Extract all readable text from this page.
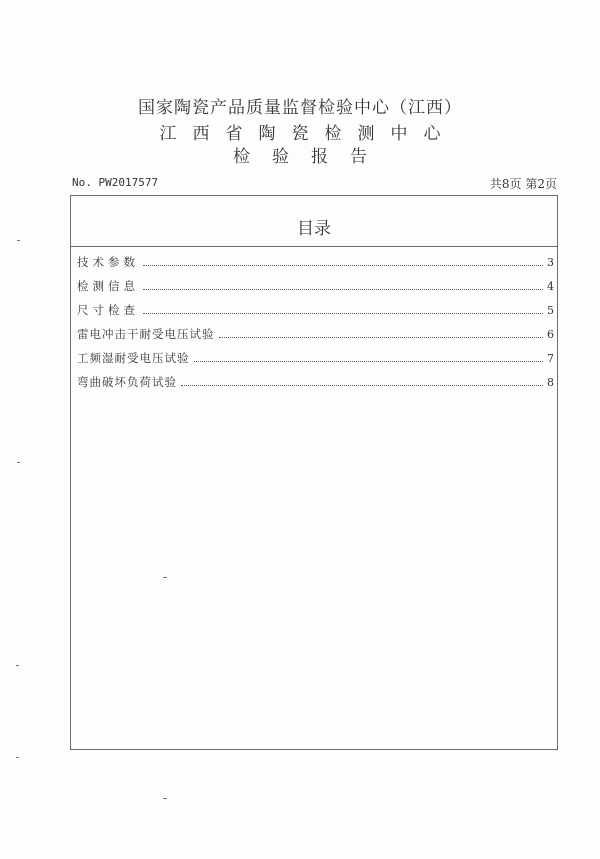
国家陶瓷产品质量监督检验中心（江西）
江西省陶瓷检测中心
检验报告
No. PW2017577	共8页 第2页
目录
技术参数	3
检测信息	4
尺寸检查	5
雷电冲击干耐受电压试验	6
工频湿耐受电压试验	7
弯曲破坏负荷试验	8
